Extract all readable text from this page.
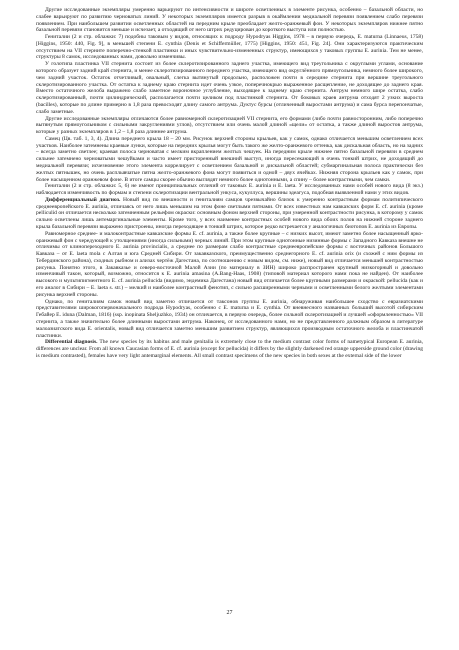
Другие исследованные экземпляры умеренно варьируют по интенсивности и широте осветленных в элементе рисунка, особенно – базальной области, но слабее варьируют по развитию черноватых линий. У некоторых экземпляров имеется разрыв в окаймлении медиальной перевязи появлением слабо перевязи появлением. При наибольшем развитии осветленных областей на передним крыле преобладает желто-оранжевый фон. У некоторых экземпляров нижнее пятно базальной перевязи становится меньше и исчезает, а отходящий от него штрих редуцирован до короткого выступа или полностью.

Гениталии (2 и стр. облажки: 7) подобны таковым у видов, относящих к подроду Hypodryas Higgins, 1978 – в первую очередь, E. maturna (Linnaeus, 1758) [Higgins, 1950: 440, Fig. 9], в меньшей степени E. cynthia (Denis et Schiffermüller, 1775) [Higgins, 1950: 451, Fig. 24]. Они характеризуются практическим отсутствием на VII стерните поперечно-стенкой пластинки и иных чувствительно-измененных структур, имеющихся у таковых группы E. aurinia. Тем не менее, структуры 8 самок, исследованных нами, довольно изменчивы.

У голотипа пластинка VII стернита состоит из более склеротизированного заднего участка, имеющего вид треугольника с округлыми углами, основание которого образует задний край стернита, и менее склеротизированного переднего участка, имеющего вид округлённого прямоугольника, немного более широкого, чем задний участок. Остаток отчетливый, овальный, слегка вытянутый продольно, расположен почти в середине стернита при вершине треугольного склеротизированного участка. От остатка к заднему краю стернита идет очень узкое, поперечнокрыо выраженное расщепление, не доходящее до заднего края. Вместо остаточного желоба выражено слабо заметное вороночное углубление, выходящее к заднему краю стернита. Антрум немного шире остатка, слабо склеротизированный, почти цилиндрический, располагается почти целиком под пластинкой стернита. От боковых краев антрума отходят 2 узких выроста (bacilles), которые по длине примерно в 1,8 раза превосходят длину самого антрума. Дуктус бурсы (отличенный выростами антрума) и сама бурса перепончатые, слабо заметные.

Другие исследованные экземпляры отличаются более равномерной склеротизацией VII стернита, его формами (либо почти равносторонним, либо поперечно вытянутым прямоугольником с сильными закруглениями углов), отсутствием или очень малой длиной «щели» от остатка, а также длиной выростов антрума, которые у разных экземпляров в 1,2 – 1,8 раза длиннее антрума.

Самец (Цв. таб. 1, 3, 4). Длина переднего крыла 18 – 20 мм. Рисунок верхней стороны крыльев, как у самок, однако отличается меньшим осветлением всех участков. Наиболее затемнены краевые лунки, которые на передних крылья могут быть такого же желто-оранжевого оттенка, как дискальная область, но на задних – всегда заметно светлее; краевая полоса черноватая с мелким вкраплением желтых чешуек. На передним крыле нижнее пятно базальной перевязи в среднем сильнее затемнено черноватыми чешуйками и часто имеет присторенный внешний выступ, иногда пересекающий в очень тонкий штрих, не доходящий до медиальной перевязи; исчезновение этого элемента коррелирует с осветлением базальной и дискальной областей; субмаргинальная полоса практически без желтых пятнышек, но очень расплывчатые пятна желто-оранжевого фона могут появиться и одной – двух ячейках. Нижняя сторона крыльев как у самок, при более насыщенном оранжевом фоне. В итоге самцы скорее обычно выглядят немного более однотонными, а спину – более контрастными, чем самки.

Гениталии (2 и стр. облажки: 5, 6) не имеют принципиальных отличий от таковых E. aurinia и E. laeta. У исследованных нами особей нового вида (8 экз.) наблюдается изменчивость по формам и степени склеротизации вентральной ункуса, кукуллуса, вершины эдеагуса, подобная выявленной нами у этих видов.

Дифференциальный диагноз. Новый вид по внешности и гениталиям самцов чрезвычайно близок к умеренно контрастным формам политипического среднеевропейского E. aurinia, отличаясь от него лишь меньшим на этом фоне светлыми пятнами. От всех известных нам кавказских форм E. cf. aurinia (кроме pelliculid он отличается несколько затемненным рельефом окраски: основным фоном верхней стороны, при умеренной контрастности рисунка, в которому у самок сильно осветлены лишь антемаргинальные элементы. Кроме того, у всех наименее контрастных особей нового вида обоих полов на нижней стороне заднего крыла базальной перевязи выражено пристроены, иногда переходящее в тонкий штрих, которое редко встречается у аналогичных биотопов E. aurinia из Европы.

Равномерное среднее- и малоконтрастные кавказские формы E. cf. aurinia, а также более крупные – с низких высот, имеют заметно более насыщенный ярко-оранжевый фон с чередующей к утолщениями (иногда сильными) черных линий. При этом крупные однотонные низинные формы с Западного Кавказа внешне не отличимы от клинопереходного E. aurinia provincialis, а среднее по размерам слабо контрастные среднеевропейские формы с восточных районов Большого Кавказа – от E. laeta mola с Алтая и юга Средней Сибири. От закавказского, преимущественно среднегорного E. cf. aurinia orix (и схожей с ним формы из Тебердинского района), сходных рыбном и ализах чертёж Дагестана, по соотношению с новым видом, см. ниже), новый вид отличается меньшей контрастностью рисунка. Понятно этого, в Закавказье и северо-восточной Малой Азии (по материалу в ЗИН) широко распространен крупный низкогорный и довольно изменчивый такон, который, возможно, относится к E. aurinia amasina (A.Bang-Haas, 1908) (типовой материал которого нами пока не найден). От наиболее высокого и мультипигментного E. cf. aurinia pellucida (видимо, эндемика Дагестана) новый вид отличается более крупными размерами и окраской: pellucida (как и его аналог в Сибири – E. laeta s. str.) – мелкий и наиболее контрастный фенотип, с сильно расширенными черными и осветленными белого желтыми элементами рисунка верхней стороны.

Однако, по гениталиям самок новый вид заметно отличается от таксонов группы E. aurinia, обнаруживая наибольшее сходство с евразиатскими представителями широкогопервоначального подрода Hypodryas, особенно с E. maturna и E. cynthia. От вневнесного названных больший высотой сибирским Гебайер E. iduna (Dalman, 1816) (ssp. inopinata Sheljuzhko, 1934) он отличается, в первую очередь, более сильной склеротизацией и лучшей «оформленностью» VII стернита, а также значительно более длинными выростами антрума. Наконец, от исследованного нами, но не представленного должным образом в литературе малоазиатского вида E. orientalis, новый вид отличается заметно меньшим развитием структур, являющихся производным остаточного желоба и пластинчатой пластинки.

Differential diagnosis. The new species by its habitus and male genitalia is extremely close to the medium contrast color forms of nametypical European E. aurinia, differences are unclear. From all known Caucasian forms of E. cf. aurinia (except for pellucida) it differs by the slightly darkened red orange upperside ground color (drawing is medium contrasted), females have very light antemarginal elements. All small contrast specimens of the new species in both sexes at the external side of the lower

27
